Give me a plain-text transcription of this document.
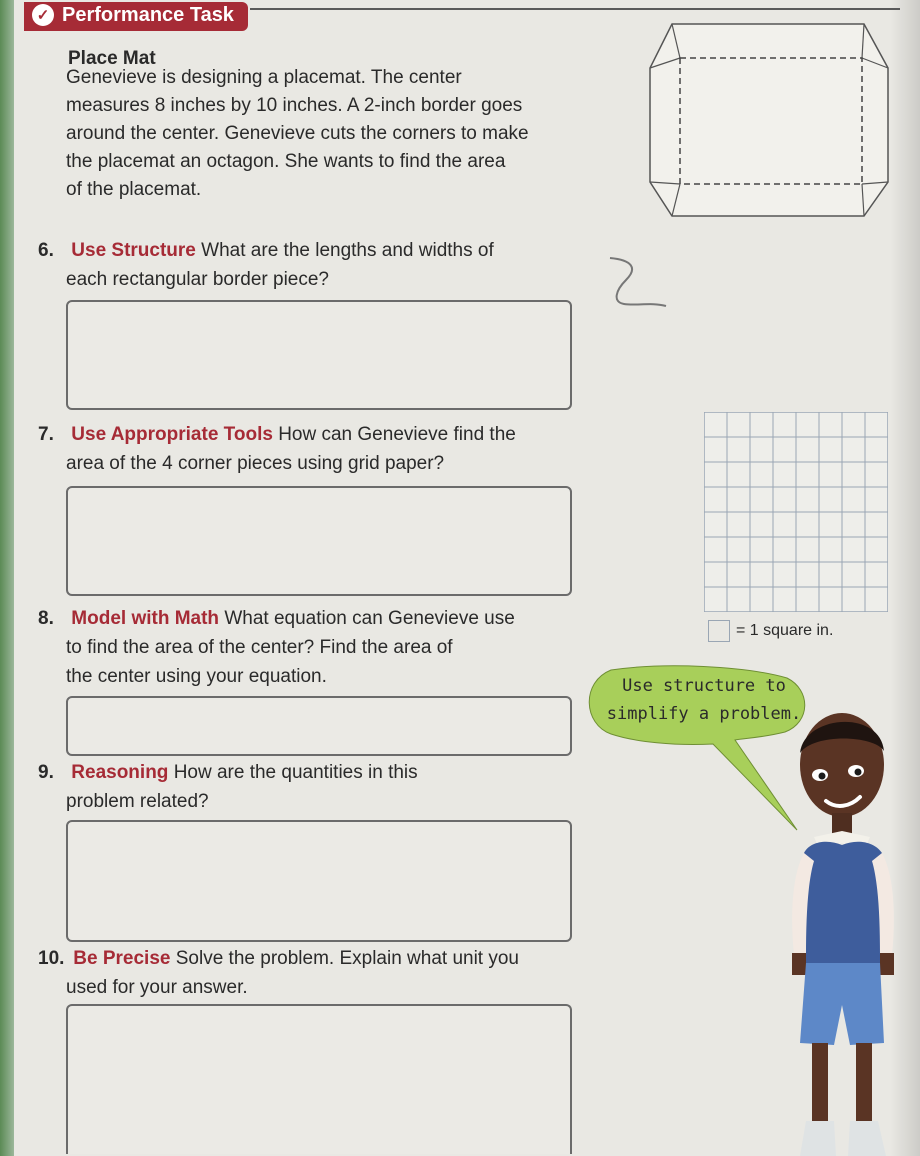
✓ Performance Task
Place Mat
Genevieve is designing a placemat. The center
measures 8 inches by 10 inches. A 2-inch border goes
around the center. Genevieve cuts the corners to make
the placemat an octagon. She wants to find the area
of the placemat.
6. Use Structure What are the lengths and widths of
each rectangular border piece?
7. Use Appropriate Tools How can Genevieve find the
area of the 4 corner pieces using grid paper?
= 1 square in.
8. Model with Math What equation can Genevieve use
to find the area of the center? Find the area of
the center using your equation.
9. Reasoning How are the quantities in this
problem related?
10. Be Precise Solve the problem. Explain what unit you
used for your answer.
Use structure to
simplify a problem.
